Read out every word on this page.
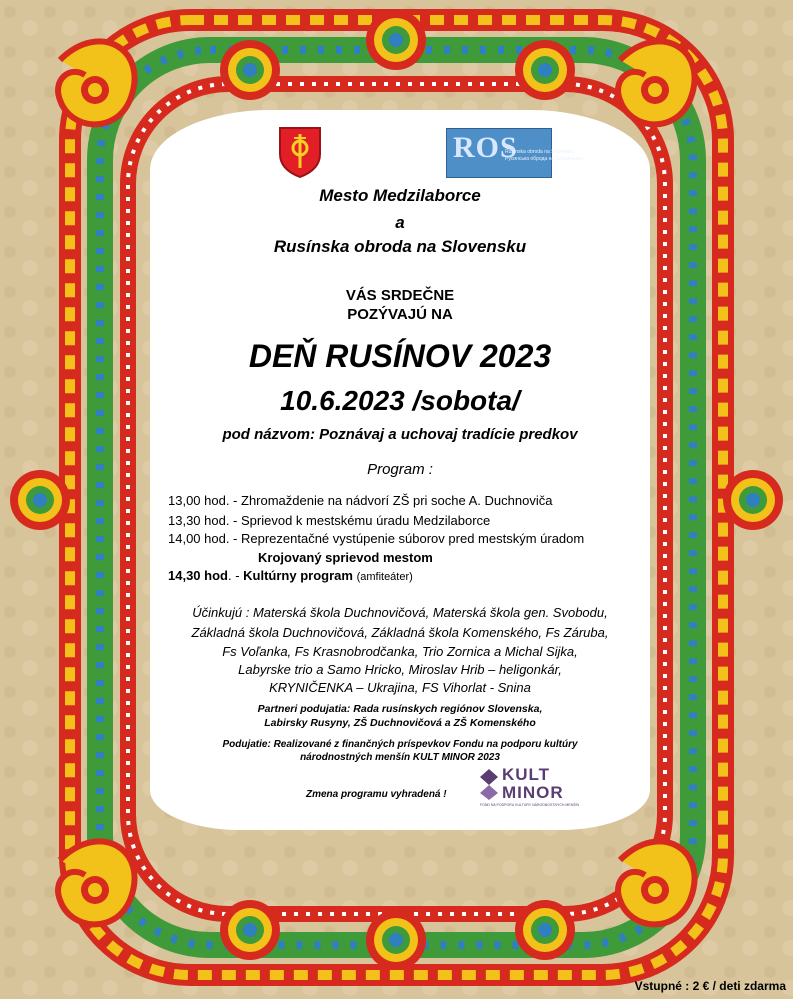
ROS
Rusínska obroda na Slovensku
Русинська оброда на Словеньску
Mesto Medzilaborce
a
Rusínska obroda na Slovensku
VÁS SRDEČNE
POZÝVAJÚ NA
DEŇ RUSÍNOV 2023
10.6.2023 /sobota/
pod názvom: Poznávaj a uchovaj tradície predkov
Program :
13,00 hod. - Zhromaždenie na nádvorí ZŠ pri soche A. Duchnoviča
13,30 hod. - Sprievod k mestskému úradu Medzilaborce
14,00 hod. - Reprezentačné vystúpenie súborov pred mestským úradom
Krojovaný sprievod mestom
14,30 hod. - Kultúrny program (amfiteáter)
Účinkujú : Materská škola Duchnovičová, Materská škola gen. Svobodu,
Základná škola Duchnovičová, Základná škola Komenského, Fs Záruba,
Fs Voľanka, Fs Krasnobrodčanka, Trio Zornica a Michal Sijka,
Labyrske trio a Samo Hricko, Miroslav Hrib – heligonkár,
KRYNIČENKA – Ukrajina, FS Vihorlat - Snina
Partneri podujatia: Rada rusínskych regiónov Slovenska,
Labirsky Rusyny, ZŠ Duchnovičová a ZŠ Komenského
Podujatie: Realizované z finančných príspevkov Fondu na podporu kultúry
národnostných menšín KULT MINOR 2023
Zmena programu vyhradená !
KULT
MINOR
FOND NA PODPORU KULTÚRY NÁRODNOSTNÝCH MENŠÍN
Vstupné : 2 € / deti zdarma
